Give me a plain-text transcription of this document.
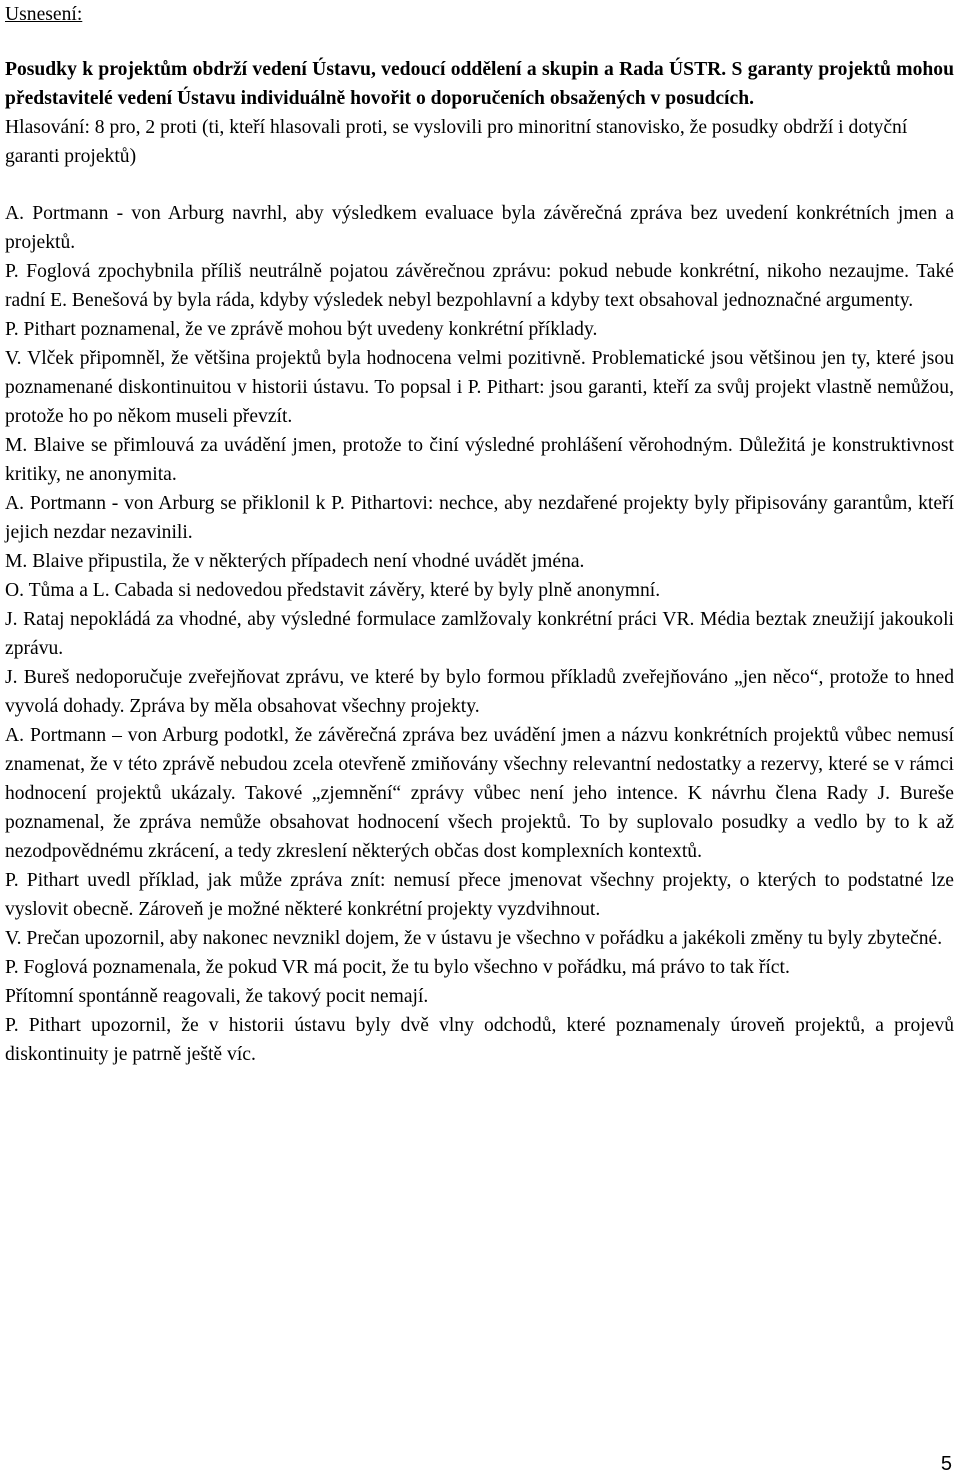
Usnesení:

Posudky k projektům obdrží vedení Ústavu, vedoucí oddělení a skupin a Rada ÚSTR. S garanty projektů mohou představitelé vedení Ústavu individuálně hovořit o doporučeních obsažených v posudcích.

Hlasování: 8 pro, 2 proti (ti, kteří hlasovali proti, se vyslovili pro minoritní stanovisko, že posudky obdrží i dotyční garanti projektů)

A. Portmann - von Arburg navrhl, aby výsledkem evaluace byla závěrečná zpráva bez uvedení konkrétních jmen a projektů.

P. Foglová zpochybnila příliš neutrálně pojatou závěrečnou zprávu: pokud nebude konkrétní, nikoho nezaujme. Také radní E. Benešová by byla ráda, kdyby výsledek nebyl bezpohlavní a kdyby text obsahoval jednoznačné argumenty.

P. Pithart poznamenal, že ve zprávě mohou být uvedeny konkrétní příklady.

V. Vlček připomněl, že většina projektů byla hodnocena velmi pozitivně. Problematické jsou většinou jen ty, které jsou poznamenané diskontinuitou v historii ústavu. To popsal i P. Pithart: jsou garanti, kteří za svůj projekt vlastně nemůžou, protože ho po někom museli převzít.

M. Blaive se přimlouvá za uvádění jmen, protože to činí výsledné prohlášení věrohodným. Důležitá je konstruktivnost kritiky, ne anonymita.

A. Portmann - von Arburg se přiklonil k P. Pithartovi: nechce, aby nezdařené projekty byly připisovány garantům, kteří jejich nezdar nezavinili.

M. Blaive připustila, že v některých případech není vhodné uvádět jména.

O. Tůma a L. Cabada si nedovedou představit závěry, které by byly plně anonymní.

J. Rataj nepokládá za vhodné, aby výsledné formulace zamlžovaly konkrétní práci VR. Média beztak zneužijí jakoukoli zprávu.

J. Bureš nedoporučuje zveřejňovat zprávu, ve které by bylo formou příkladů zveřejňováno „jen něco“, protože to hned vyvolá dohady. Zpráva by měla obsahovat všechny projekty.

A. Portmann – von Arburg podotkl, že závěrečná zpráva bez uvádění jmen a názvu konkrétních projektů vůbec nemusí znamenat, že v této zprávě nebudou zcela otevřeně zmiňovány všechny relevantní nedostatky a rezervy, které se v rámci hodnocení projektů ukázaly. Takové „zjemnění“ zprávy vůbec není jeho intence. K návrhu člena Rady J. Bureše poznamenal, že zpráva nemůže obsahovat hodnocení všech projektů. To by suplovalo posudky a vedlo by to k až nezodpovědnému zkrácení, a tedy zkreslení některých občas dost komplexních kontextů.

P. Pithart uvedl příklad, jak může zpráva znít: nemusí přece jmenovat všechny projekty, o kterých to podstatné lze vyslovit obecně. Zároveň je možné některé konkrétní projekty vyzdvihnout.

V. Prečan upozornil, aby nakonec nevznikl dojem, že v ústavu je všechno v pořádku a jakékoli změny tu byly zbytečné.

P. Foglová poznamenala, že pokud VR má pocit, že tu bylo všechno v pořádku, má právo to tak říct.

Přítomní spontánně reagovali, že takový pocit nemají.

P. Pithart upozornil, že v historii ústavu byly dvě vlny odchodů, které poznamenaly úroveň projektů, a projevů diskontinuity je patrně ještě víc.

5
